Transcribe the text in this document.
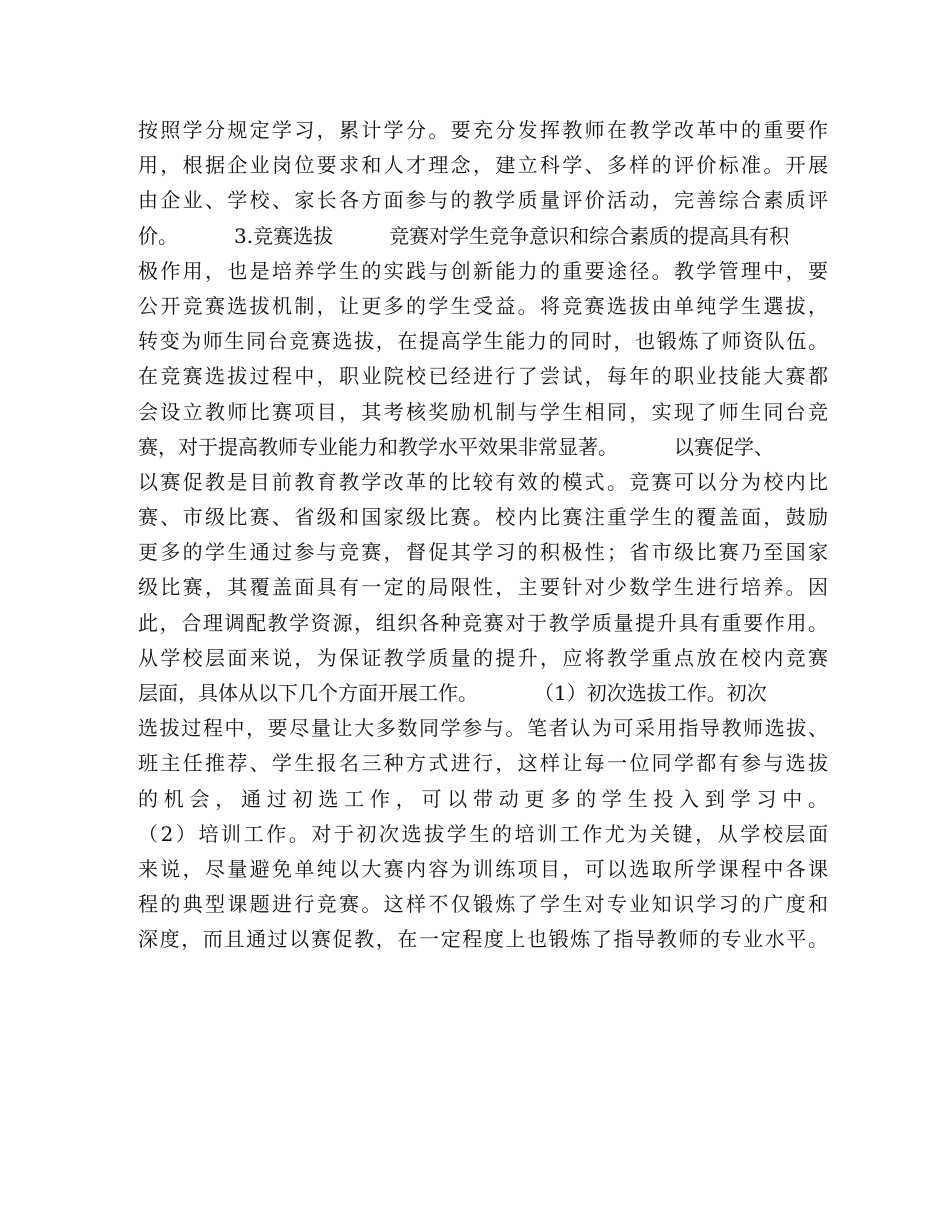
按照学分规定学习，累计学分。要充分发挥教师在教学改革中的重要作
用，根据企业岗位要求和人才理念，建立科学、多样的评价标准。开展
由企业、学校、家长各方面参与的教学质量评价活动，完善综合素质评
价。	3.竞赛选拔	竞赛对学生竞争意识和综合素质的提高具有积
极作用，也是培养学生的实践与创新能力的重要途径。教学管理中，要
公开竞赛选拔机制，让更多的学生受益。将竞赛选拔由单纯学生選拔，
转变为师生同台竞赛选拔，在提高学生能力的同时，也锻炼了师资队伍。
在竞赛选拔过程中，职业院校已经进行了尝试，每年的职业技能大赛都
会设立教师比赛项目，其考核奖励机制与学生相同，实现了师生同台竞
赛，对于提高教师专业能力和教学水平效果非常显著。	以赛促学、
以赛促教是目前教育教学改革的比较有效的模式。竞赛可以分为校内比
赛、市级比赛、省级和国家级比赛。校内比赛注重学生的覆盖面，鼓励
更多的学生通过参与竞赛，督促其学习的积极性；省市级比赛乃至国家
级比赛，其覆盖面具有一定的局限性，主要针对少数学生进行培养。因
此，合理调配教学资源，组织各种竞赛对于教学质量提升具有重要作用。
从学校层面来说，为保证教学质量的提升，应将教学重点放在校内竞赛
层面，具体从以下几个方面开展工作。	（1）初次选拔工作。初次
选拔过程中，要尽量让大多数同学参与。笔者认为可采用指导教师选拔、
班主任推荐、学生报名三种方式进行，这样让每一位同学都有参与选拔
的机会，通过初选工作，可以带动更多的学生投入到学习中。
（2）培训工作。对于初次选拔学生的培训工作尤为关键，从学校层面
来说，尽量避免单纯以大赛内容为训练项目，可以选取所学课程中各课
程的典型课题进行竞赛。这样不仅锻炼了学生对专业知识学习的广度和
深度，而且通过以赛促教，在一定程度上也锻炼了指导教师的专业水平。
